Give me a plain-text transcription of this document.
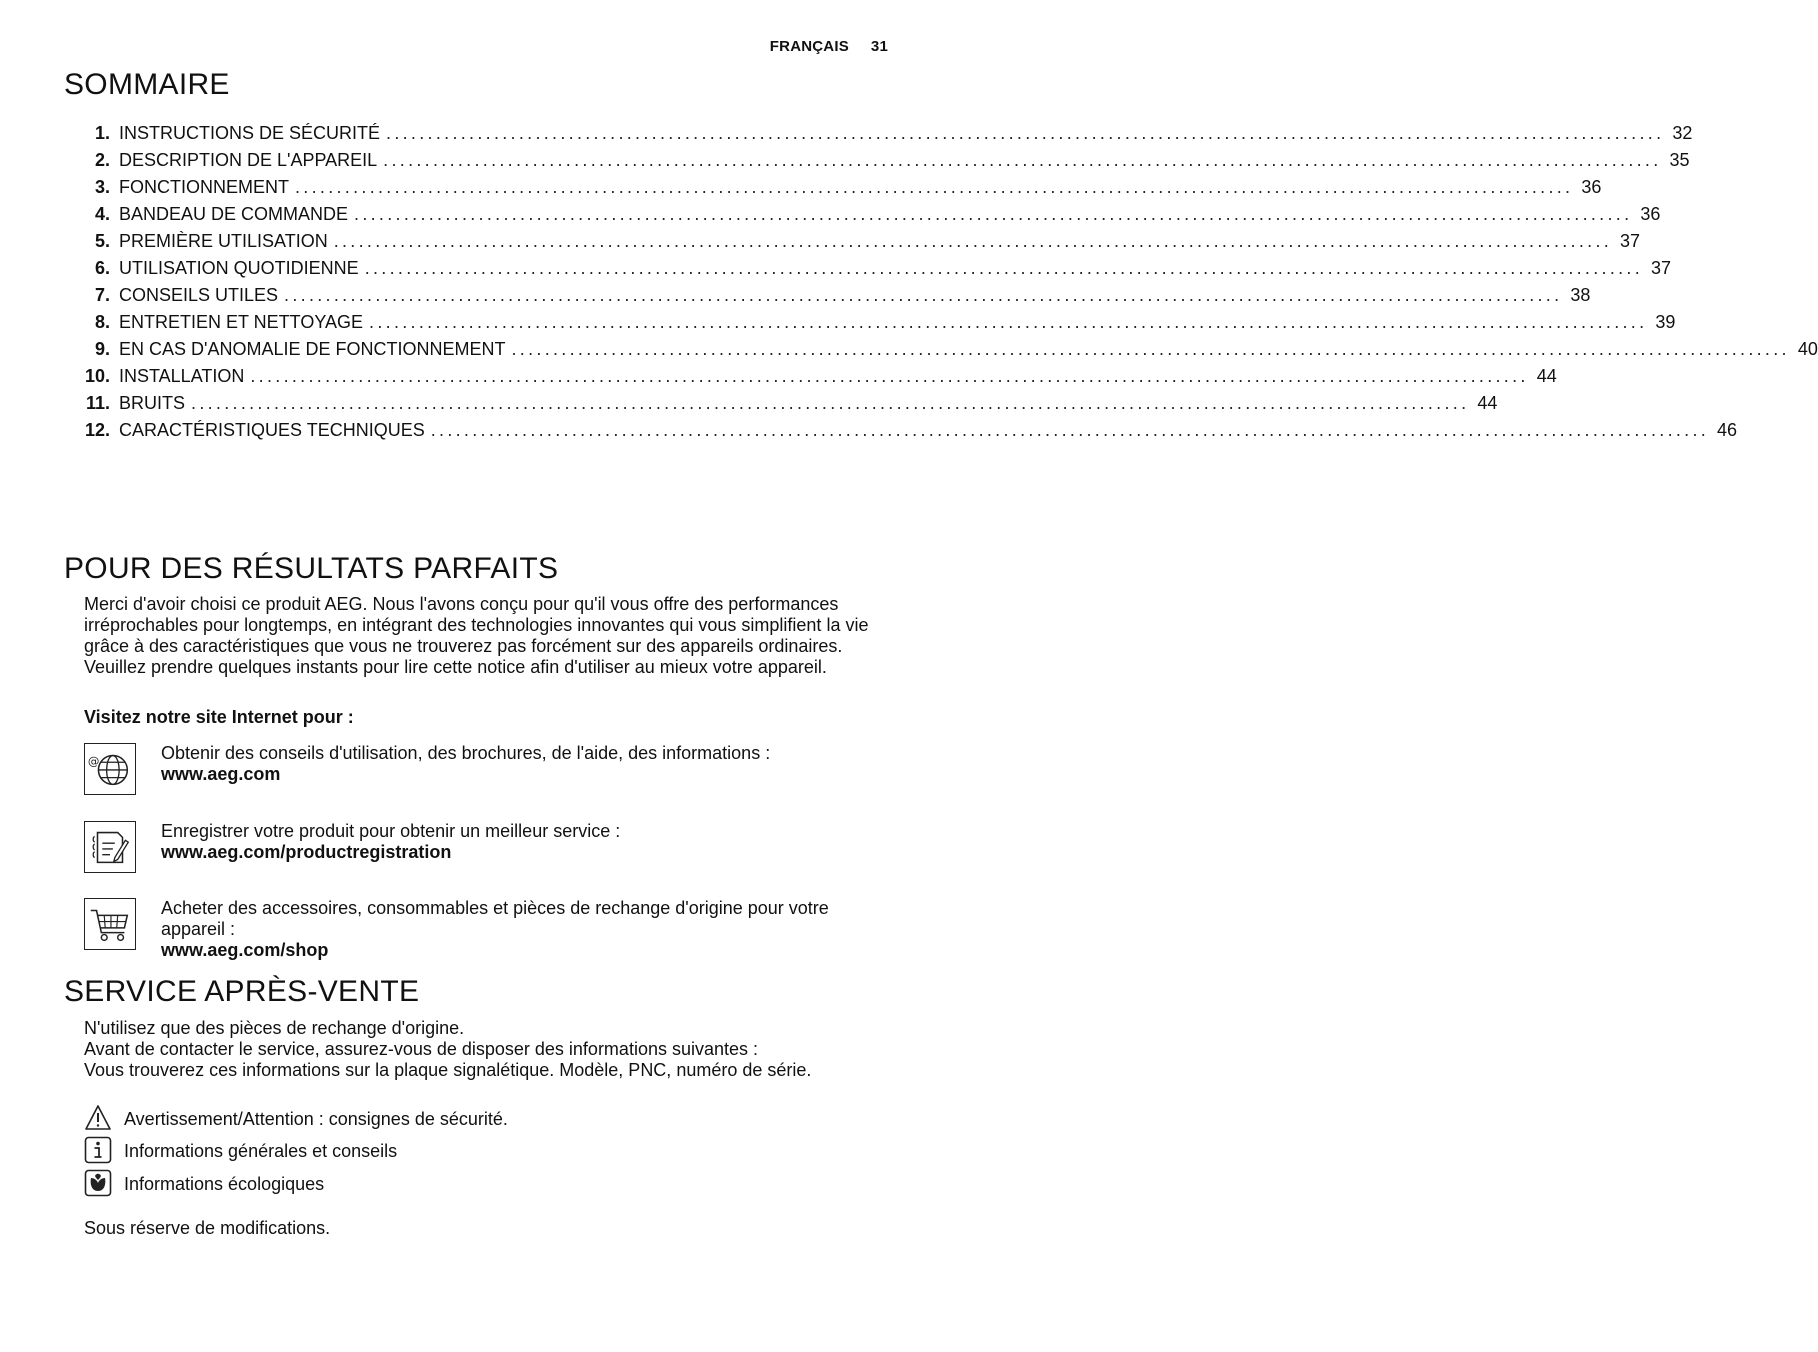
FRANÇAIS 31
SOMMAIRE
1. INSTRUCTIONS DE SÉCURITÉ .......................................................................................................................................................... 32
2. DESCRIPTION DE L'APPAREIL .......................................................................................................................................................... 35
3. FONCTIONNEMENT .......................................................................................................................................................... 36
4. BANDEAU DE COMMANDE .......................................................................................................................................................... 36
5. PREMIÈRE UTILISATION .......................................................................................................................................................... 37
6. UTILISATION QUOTIDIENNE .......................................................................................................................................................... 37
7. CONSEILS UTILES .......................................................................................................................................................... 38
8. ENTRETIEN ET NETTOYAGE .......................................................................................................................................................... 39
9. EN CAS D'ANOMALIE DE FONCTIONNEMENT .......................................................................................................................................................... 40
10. INSTALLATION .......................................................................................................................................................... 44
11. BRUITS .......................................................................................................................................................... 44
12. CARACTÉRISTIQUES TECHNIQUES .......................................................................................................................................................... 46
POUR DES RÉSULTATS PARFAITS

Merci d'avoir choisi ce produit AEG. Nous l'avons conçu pour qu'il vous offre des performances irréprochables pour longtemps, en intégrant des technologies innovantes qui vous simplifient la vie grâce à des caractéristiques que vous ne trouverez pas forcément sur des appareils ordinaires. Veuillez prendre quelques instants pour lire cette notice afin d'utiliser au mieux votre appareil.

Visitez notre site Internet pour :

@	Obtenir des conseils d'utilisation, des brochures, de l'aide, des informations :
www.aeg.com
Enregistrer votre produit pour obtenir un meilleur service :
www.aeg.com/productregistration
Acheter des accessoires, consommables et pièces de rechange d'origine pour votre appareil :
www.aeg.com/shop
SERVICE APRÈS-VENTE
N'utilisez que des pièces de rechange d'origine.
Avant de contacter le service, assurez-vous de disposer des informations suivantes :
Vous trouverez ces informations sur la plaque signalétique. Modèle, PNC, numéro de série.
Avertissement/Attention : consignes de sécurité.
Informations générales et conseils
Informations écologiques

Sous réserve de modifications.
